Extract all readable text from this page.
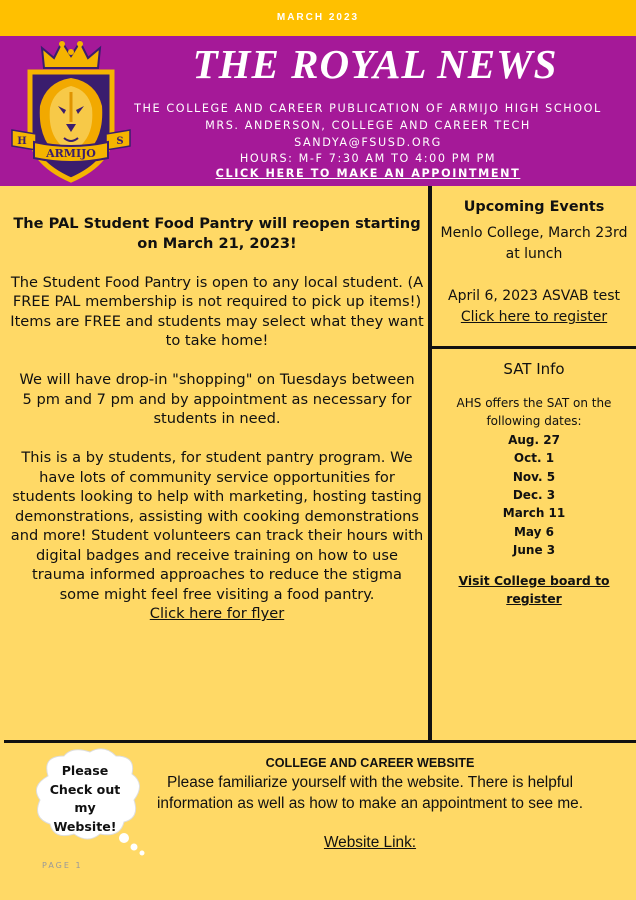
MARCH 2023
ARMIJO
H	S
THE ROYAL NEWS
THE COLLEGE AND CAREER PUBLICATION OF ARMIJO HIGH SCHOOL
MRS. ANDERSON, COLLEGE AND CAREER TECH
SANDYA@FSUSD.ORG
HOURS: M-F 7:30 AM TO 4:00 PM PM
CLICK HERE TO MAKE AN APPOINTMENT

The PAL Student Food Pantry will reopen starting on March 21, 2023!

The Student Food Pantry is open to any local student. (A FREE PAL membership is not required to pick up items!) Items are FREE and students may select what they want to take home!

We will have drop-in "shopping" on Tuesdays between

5 pm and 7 pm and by appointment as necessary for students in need.

This is a by students, for student pantry program. We have lots of community service opportunities for students looking to help with marketing, hosting tasting demonstrations, assisting with cooking demonstrations and more! Student volunteers can track their hours with digital badges and receive training on how to use trauma informed approaches to reduce the stigma some might feel free visiting a food pantry.

Click here for flyer

Upcoming Events

Menlo College, March 23rd at lunch

April 6, 2023 ASVAB test

Click here to register

SAT Info
AHS offers the SAT on the following dates:
Aug. 27
Oct. 1
Nov. 5
Dec. 3
March 11
May 6
June 3
Visit College board to register
Please
Check out
my
Website!
COLLEGE AND CAREER WEBSITE
Please familiarize yourself with the website. There is helpful information as well as how to make an appointment to see me.
Website Link:
PAGE 1
